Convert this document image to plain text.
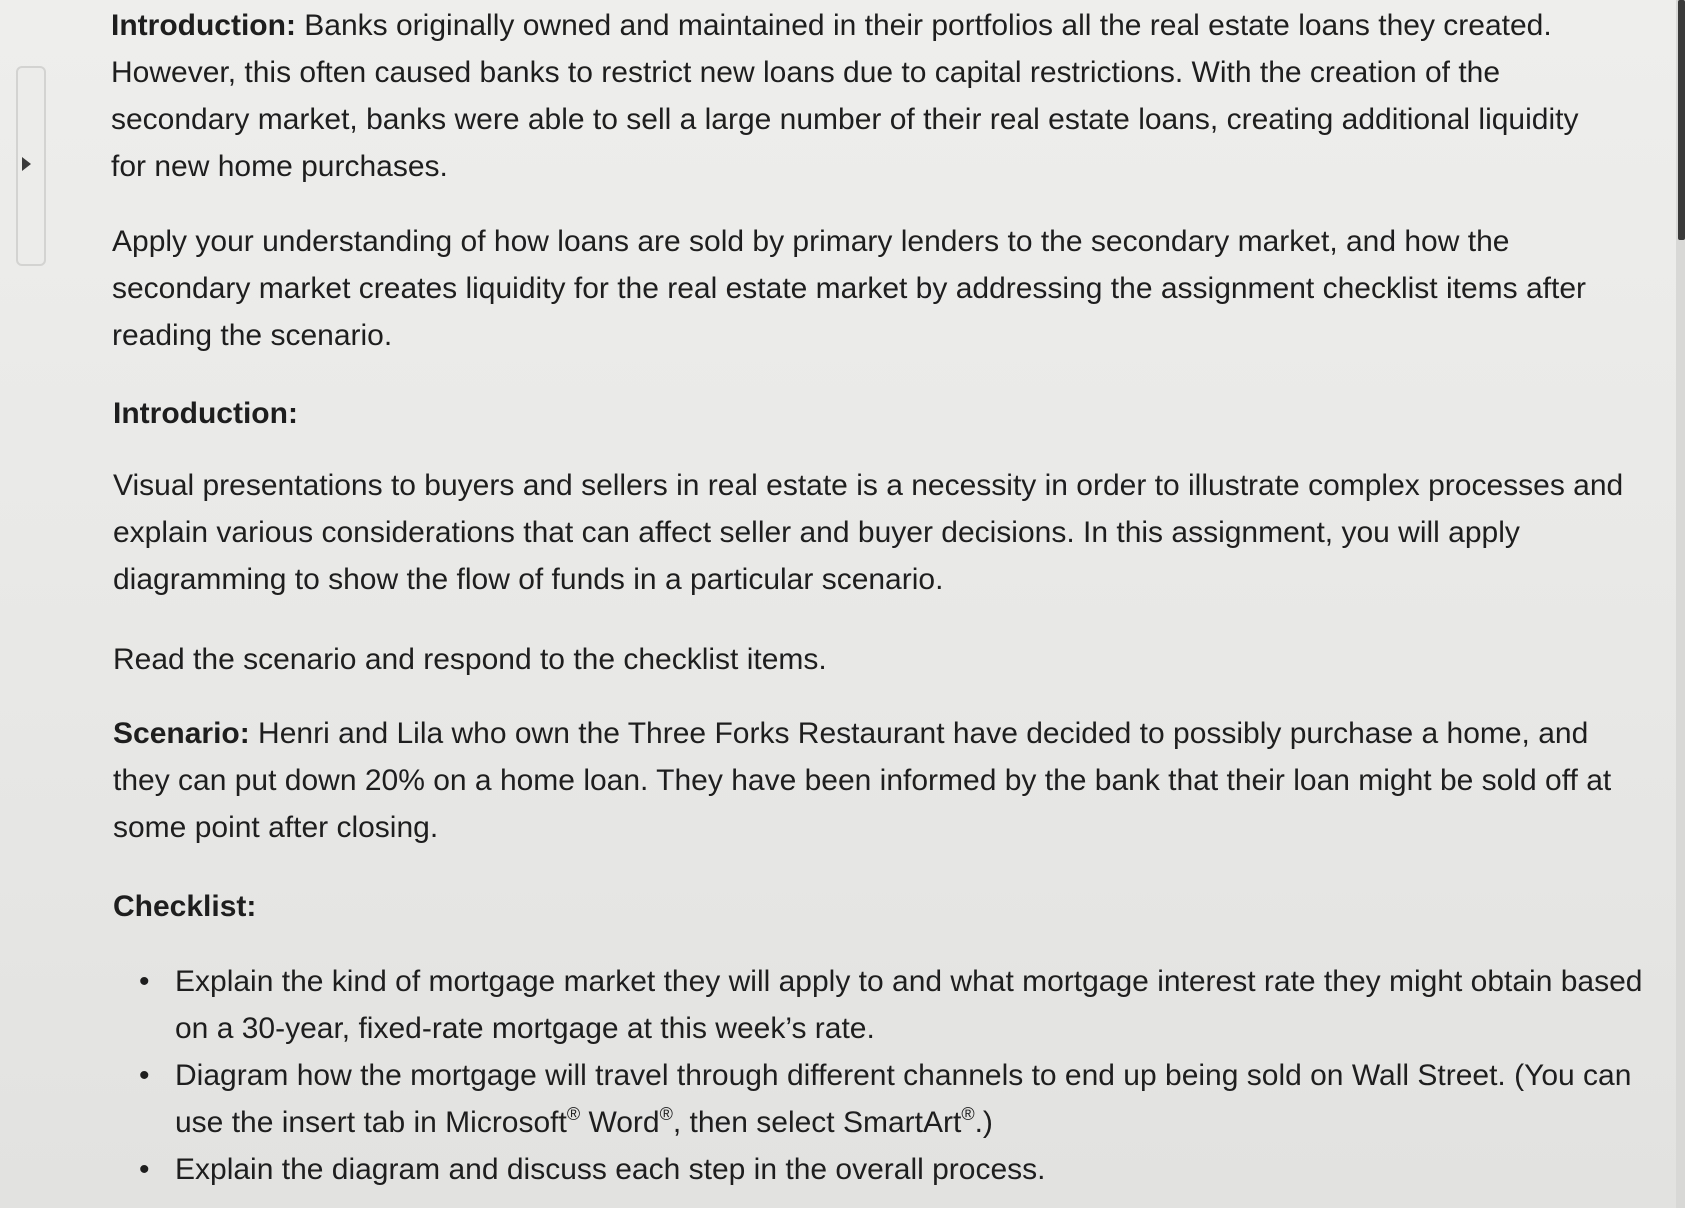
Introduction: Banks originally owned and maintained in their portfolios all the real estate loans they created. However, this often caused banks to restrict new loans due to capital restrictions. With the creation of the secondary market, banks were able to sell a large number of their real estate loans, creating additional liquidity for new home purchases.

Apply your understanding of how loans are sold by primary lenders to the secondary market, and how the secondary market creates liquidity for the real estate market by addressing the assignment checklist items after reading the scenario.

Introduction:

Visual presentations to buyers and sellers in real estate is a necessity in order to illustrate complex processes and explain various considerations that can affect seller and buyer decisions. In this assignment, you will apply diagramming to show the flow of funds in a particular scenario.

Read the scenario and respond to the checklist items.

Scenario: Henri and Lila who own the Three Forks Restaurant have decided to possibly purchase a home, and they can put down 20% on a home loan. They have been informed by the bank that their loan might be sold off at some point after closing.

Checklist:

• Explain the kind of mortgage market they will apply to and what mortgage interest rate they might obtain based on a 30-year, fixed-rate mortgage at this week’s rate.
• Diagram how the mortgage will travel through different channels to end up being sold on Wall Street. (You can use the insert tab in Microsoft® Word®, then select SmartArt®.)
• Explain the diagram and discuss each step in the overall process.
